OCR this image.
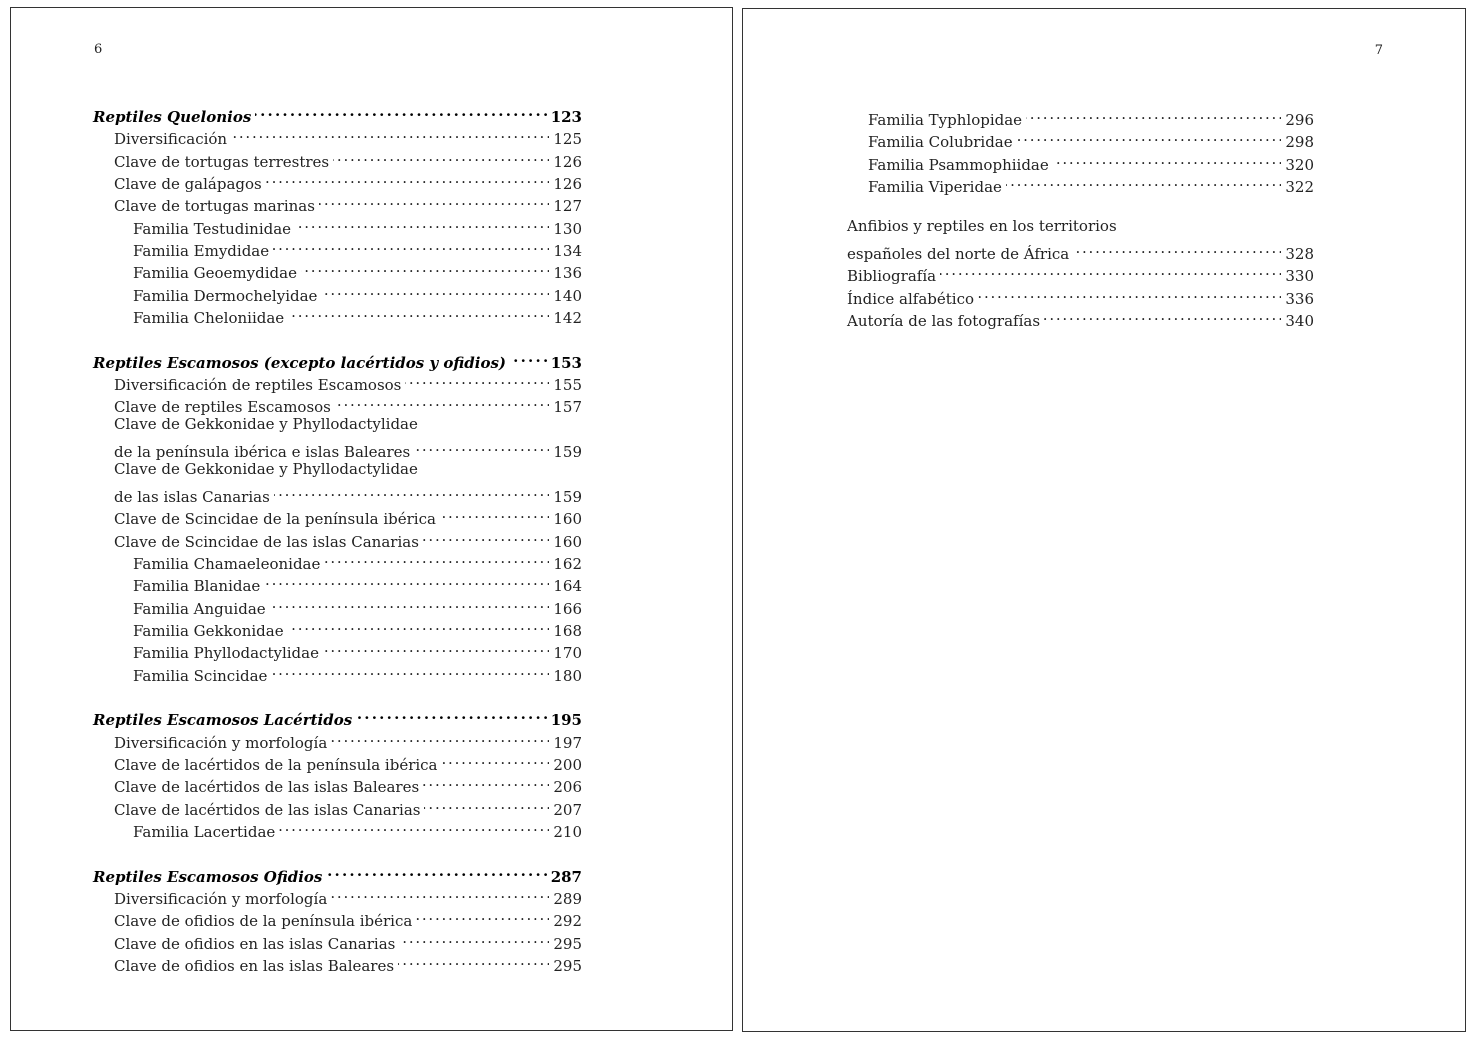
6
Reptiles Quelonios . . .	123
Diversificación . . .	125
Clave de tortugas terrestres . . .	126
Clave de galápagos . . .	126
Clave de tortugas marinas . . .	127
Familia Testudinidae . . .	130
Familia Emydidae . . .	134
Familia Geoemydidae . . .	136
Familia Dermochelyidae . . .	140
Familia Cheloniidae . . .	142
Reptiles Escamosos (excepto lacértidos y ofidios) . . .	153
Diversificación de reptiles Escamosos . . .	155
Clave de reptiles Escamosos . . .	157
Clave de Gekkonidae y Phyllodactylidae
de la península ibérica e islas Baleares . . .	159
Clave de Gekkonidae y Phyllodactylidae
de las islas Canarias . . .	159
Clave de Scincidae de la península ibérica . . .	160
Clave de Scincidae de las islas Canarias . . .	160
Familia Chamaeleonidae . . .	162
Familia Blanidae . . .	164
Familia Anguidae . . .	166
Familia Gekkonidae . . .	168
Familia Phyllodactylidae . . .	170
Familia Scincidae . . .	180
Reptiles Escamosos Lacértidos . . .	195
Diversificación y morfología . . .	197
Clave de lacértidos de la península ibérica . . .	200
Clave de lacértidos de las islas Baleares . . .	206
Clave de lacértidos de las islas Canarias . . .	207
Familia Lacertidae . . .	210
Reptiles Escamosos Ofidios . . .	287
Diversificación y morfología . . .	289
Clave de ofidios de la península ibérica . . .	292
Clave de ofidios en las islas Canarias . . .	295
Clave de ofidios en las islas Baleares . . .	295
7
Familia Typhlopidae . . .	296
Familia Colubridae . . .	298
Familia Psammophiidae . . .	320
Familia Viperidae . . .	322
Anfibios y reptiles en los territorios
españoles del norte de África . . .	328
Bibliografía . . .	330
Índice alfabético . . .	336
Autoría de las fotografías . . .	340
